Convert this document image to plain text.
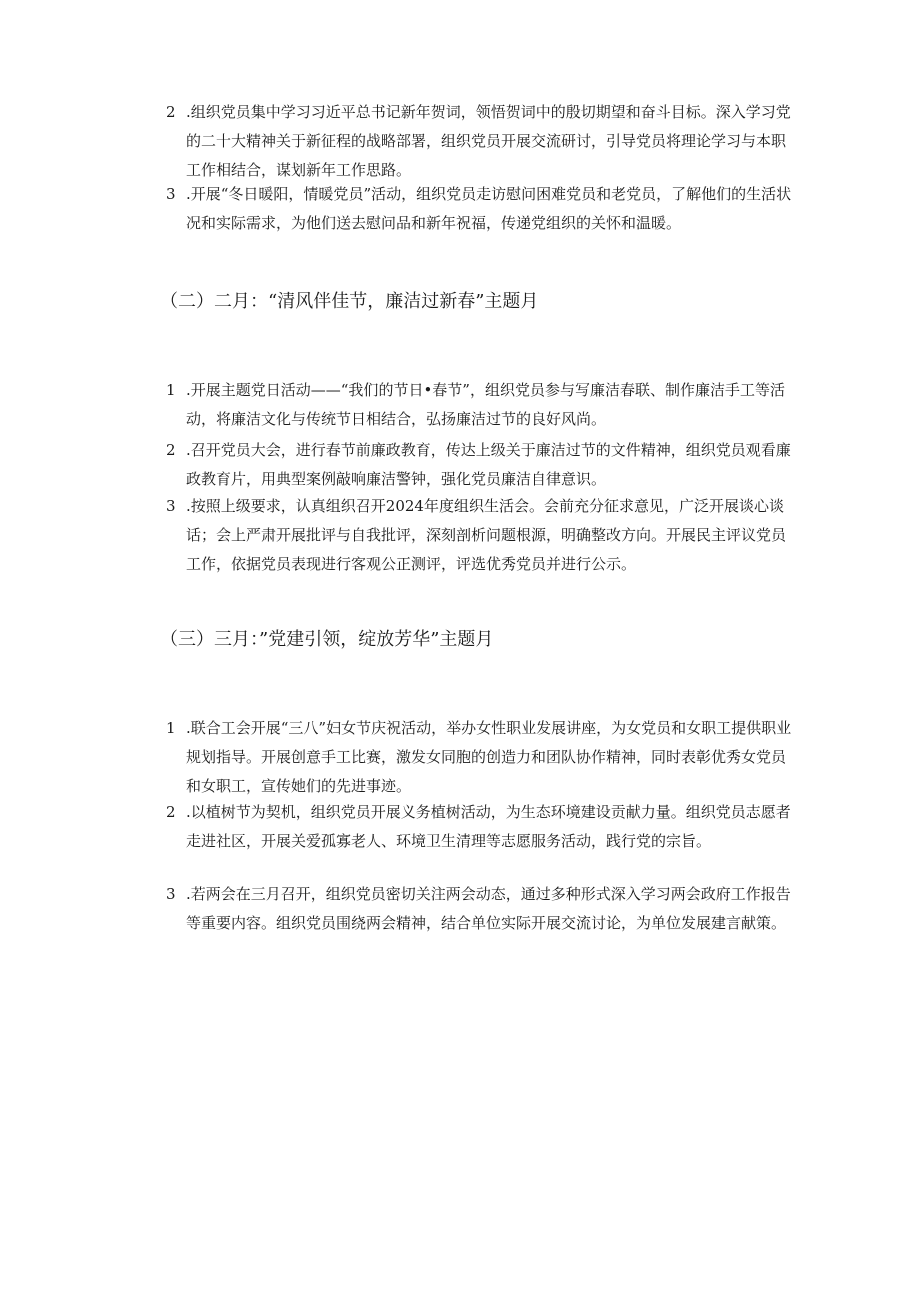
2 .组织党员集中学习习近平总书记新年贺词，领悟贺词中的殷切期望和奋斗目标。深入学习党的二十大精神关于新征程的战略部署，组织党员开展交流研讨，引导党员将理论学习与本职工作相结合，谋划新年工作思路。
3 .开展“冬日暖阳，情暖党员”活动，组织党员走访慰问困难党员和老党员，了解他们的生活状况和实际需求，为他们送去慰问品和新年祝福，传递党组织的关怀和温暖。
（二）二月：“清风伴佳节，廉洁过新春”主题月
1 .开展主题党日活动——“我们的节日•春节”，组织党员参与写廉洁春联、制作廉洁手工等活动，将廉洁文化与传统节日相结合，弘扬廉洁过节的良好风尚。
2 .召开党员大会，进行春节前廉政教育，传达上级关于廉洁过节的文件精神，组织党员观看廉政教育片，用典型案例敲响廉洁警钟，强化党员廉洁自律意识。
3 .按照上级要求，认真组织召开2024年度组织生活会。会前充分征求意见，广泛开展谈心谈话；会上严肃开展批评与自我批评，深刻剖析问题根源，明确整改方向。开展民主评议党员工作，依据党员表现进行客观公正测评，评选优秀党员并进行公示。
（三）三月：”党建引领，绽放芳华”主题月
1 .联合工会开展“三八”妇女节庆祝活动，举办女性职业发展讲座，为女党员和女职工提供职业规划指导。开展创意手工比赛，激发女同胞的创造力和团队协作精神，同时表彰优秀女党员和女职工，宣传她们的先进事迹。
2 .以植树节为契机，组织党员开展义务植树活动，为生态环境建设贡献力量。组织党员志愿者走进社区，开展关爱孤寡老人、环境卫生清理等志愿服务活动，践行党的宗旨。
3 .若两会在三月召开，组织党员密切关注两会动态，通过多种形式深入学习两会政府工作报告等重要内容。组织党员围绕两会精神，结合单位实际开展交流讨论，为单位发展建言献策。
